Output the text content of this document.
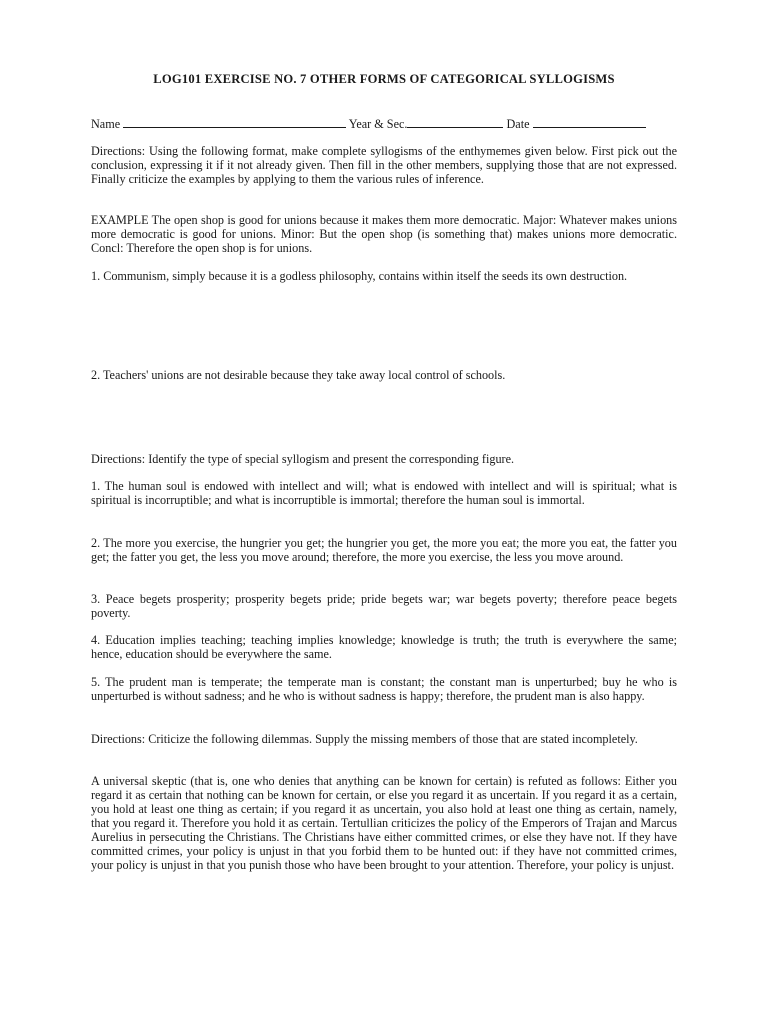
LOG101 EXERCISE NO. 7 OTHER FORMS OF CATEGORICAL SYLLOGISMS
Name	Year & Sec.	Date

Directions: Using the following format, make complete syllogisms of the enthymemes given below. First pick out the conclusion, expressing it if it not already given. Then fill in the other members, supplying those that are not expressed. Finally criticize the examples by applying to them the various rules of inference.

EXAMPLE The open shop is good for unions because it makes them more democratic. Major: Whatever makes unions more democratic is good for unions. Minor: But the open shop (is something that) makes unions more democratic. Concl: Therefore the open shop is for unions.

1. Communism, simply because it is a godless philosophy, contains within itself the seeds its own destruction.

2. Teachers' unions are not desirable because they take away local control of schools.

Directions: Identify the type of special syllogism and present the corresponding figure.

1. The human soul is endowed with intellect and will; what is endowed with intellect and will is spiritual; what is spiritual is incorruptible; and what is incorruptible is immortal; therefore the human soul is immortal.

2. The more you exercise, the hungrier you get; the hungrier you get, the more you eat; the more you eat, the fatter you get; the fatter you get, the less you move around; therefore, the more you exercise, the less you move around.

3. Peace begets prosperity; prosperity begets pride; pride begets war; war begets poverty; therefore peace begets poverty.

4. Education implies teaching; teaching implies knowledge; knowledge is truth; the truth is everywhere the same; hence, education should be everywhere the same.

5. The prudent man is temperate; the temperate man is constant; the constant man is unperturbed; buy he who is unperturbed is without sadness; and he who is without sadness is happy; therefore, the prudent man is also happy.

Directions: Criticize the following dilemmas. Supply the missing members of those that are stated incompletely.

A universal skeptic (that is, one who denies that anything can be known for certain) is refuted as follows: Either you regard it as certain that nothing can be known for certain, or else you regard it as uncertain. If you regard it as a certain, you hold at least one thing as certain; if you regard it as uncertain, you also hold at least one thing as certain, namely, that you regard it. Therefore you hold it as certain. Tertullian criticizes the policy of the Emperors of Trajan and Marcus Aurelius in persecuting the Christians. The Christians have either committed crimes, or else they have not. If they have committed crimes, your policy is unjust in that you forbid them to be hunted out: if they have not committed crimes, your policy is unjust in that you punish those who have been brought to your attention. Therefore, your policy is unjust.
